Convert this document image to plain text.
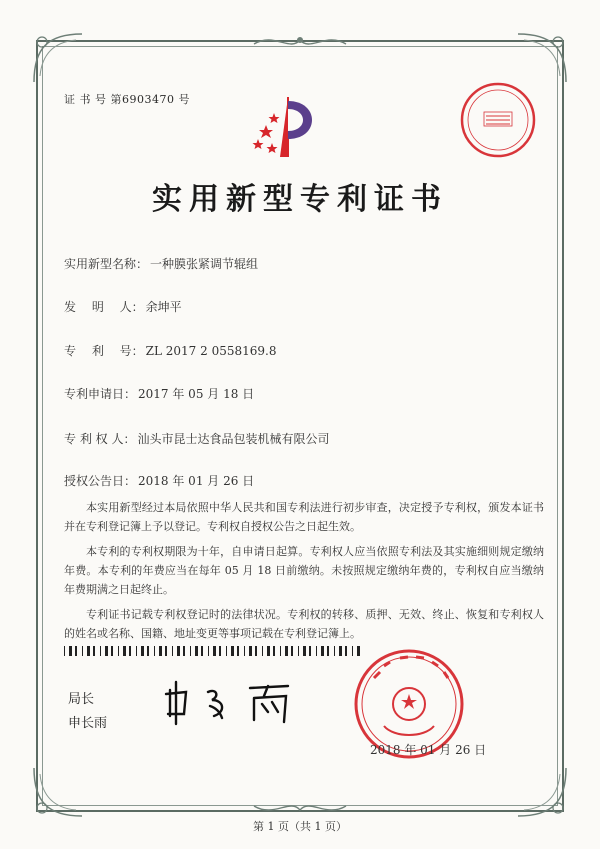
证 书 号 第6903470 号
实用新型专利证书
实用新型名称： 一种膜张紧调节辊组
发　 明　 人： 余坤平
专　 利　 号： ZL 2017 2 0558169.8
专利申请日： 2017 年 05 月 18 日
专 利 权 人： 汕头市昆士达食品包装机械有限公司
授权公告日： 2018 年 01 月 26 日

本实用新型经过本局依照中华人民共和国专利法进行初步审查，决定授予专利权，颁发本证书并在专利登记簿上予以登记。专利权自授权公告之日起生效。

本专利的专利权期限为十年，自申请日起算。专利权人应当依照专利法及其实施细则规定缴纳年费。本专利的年费应当在每年 05 月 18 日前缴纳。未按照规定缴纳年费的，专利权自应当缴纳年费期满之日起终止。

专利证书记载专利权登记时的法律状况。专利权的转移、质押、无效、终止、恢复和专利权人的姓名或名称、国籍、地址变更等事项记载在专利登记簿上。

局长
申长雨
2018 年 01 月 26 日
第 1 页（共 1 页）
